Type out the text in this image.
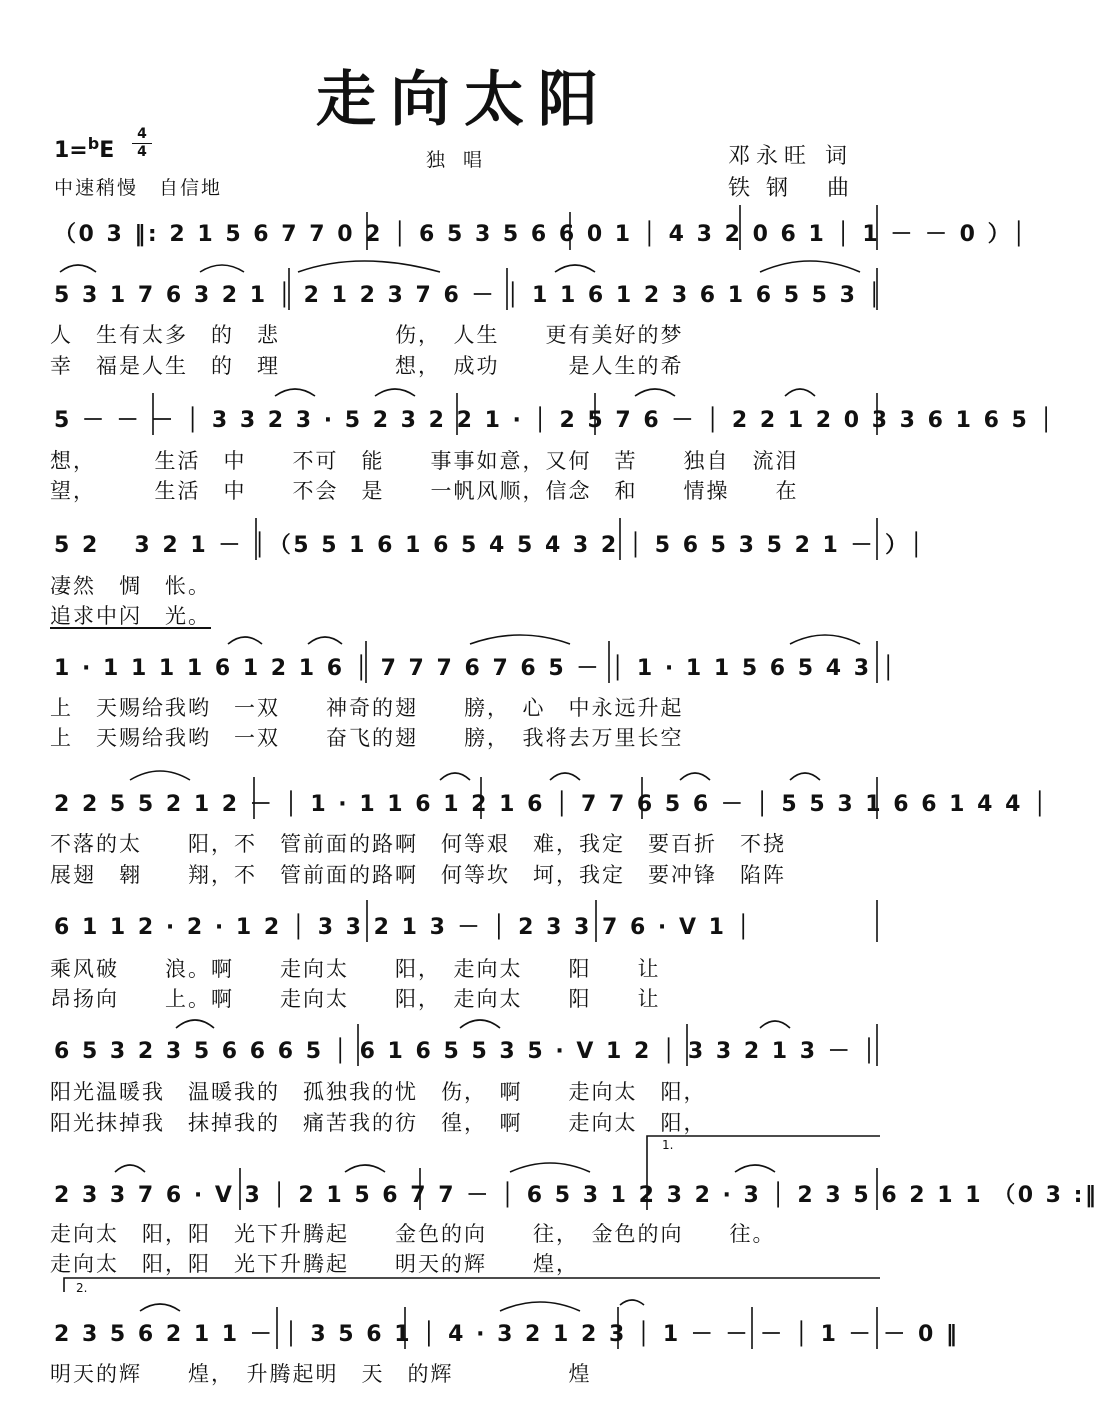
走向太阳
1=$^b$E
4
4
中速稍慢　自信地
独唱	邓永旺 词
铁钢 曲
（0 3 ‖: 2 1 5 6 7 7 0 2 │ 6 5 3 5 6 6 0 1 │ 4 3 2 0 6 1 │ 1 － － 0 ）│
5 3 1 7 6 3 2 1 │ 2 1 2 3 7 6 － │ 1 1 6 1 2 3 6 1 6 5 5 3 │
人　生有太多　的　悲　　　　　伤，　人生　　更有美好的梦
幸　福是人生　的　理　　　　　想，　成功　　　是人生的希
5 － － － │ 3 3 2 3 · 5 2 3 2 2 1 · │ 2 5 7 6 － │ 2 2 1 2 0 3 3 6 1 6 5 │
想，　　　生活　中　　不可　能　　事事如意，又何　苦　　独自　流泪
望，　　　生活　中　　不会　是　　一帆风顺，信念　和　　情操　　在
5 2　 3 2 1 － │（5 5 1 6 1 6 5 4 5 4 3 2 │ 5 6 5 3 5 2 1 － ）│
凄然　惆　怅。
追求中闪　光。
1 · 1 1 1 1 6 1 2 1 6 │ 7 7 7 6 7 6 5 － │ 1 · 1 1 5 6 5 4 3 │
上　天赐给我哟　一双　　神奇的翅　　膀，　心　中永远升起
上　天赐给我哟　一双　　奋飞的翅　　膀，　我将去万里长空
2 2 5 5 2 1 2 － │ 1 · 1 1 6 1 2 1 6 │ 7 7 6 5 6 － │ 5 5 3 1 6 6 1 4 4 │
不落的太　　阳，不　管前面的路啊　何等艰　难，我定　要百折　不挠
展翅　翱　　翔，不　管前面的路啊　何等坎　坷，我定　要冲锋　陷阵
6 1 1 2 · 2 · 1 2 │ 3 3 2 1 3 － │ 2 3 3 7 6 · V 1 │
乘风破　　浪。啊　　走向太　　阳，　走向太　　阳　　让
昂扬向　　上。啊　　走向太　　阳，　走向太　　阳　　让
6 5 3 2 3 5 6 6 6 5 │ 6 1 6 5 5 3 5 · V 1 2 │ 3 3 2 1 3 － │
阳光温暖我　温暖我的　孤独我的忧　伤，　啊　　走向太　阳，
阳光抹掉我　抹掉我的　痛苦我的彷　徨，　啊　　走向太　阳，
1.
2 3 3 7 6 · V 3 │ 2 1 5 6 7 7 － │ 6 5 3 1 2 3 2 · 3 │ 2 3 5 6 2 1 1 （0 3 :‖
走向太　阳，阳　光下升腾起　　金色的向　　往，　金色的向　　往。
走向太　阳，阳　光下升腾起　　明天的辉　　煌，
2.
2 3 5 6 2 1 1 － │ 3 5 6 1 │ 4 · 3 2 1 2 3 │ 1 － － － │ 1 － － 0 ‖
明天的辉　　煌，　升腾起明　天　的辉　　　　　煌
